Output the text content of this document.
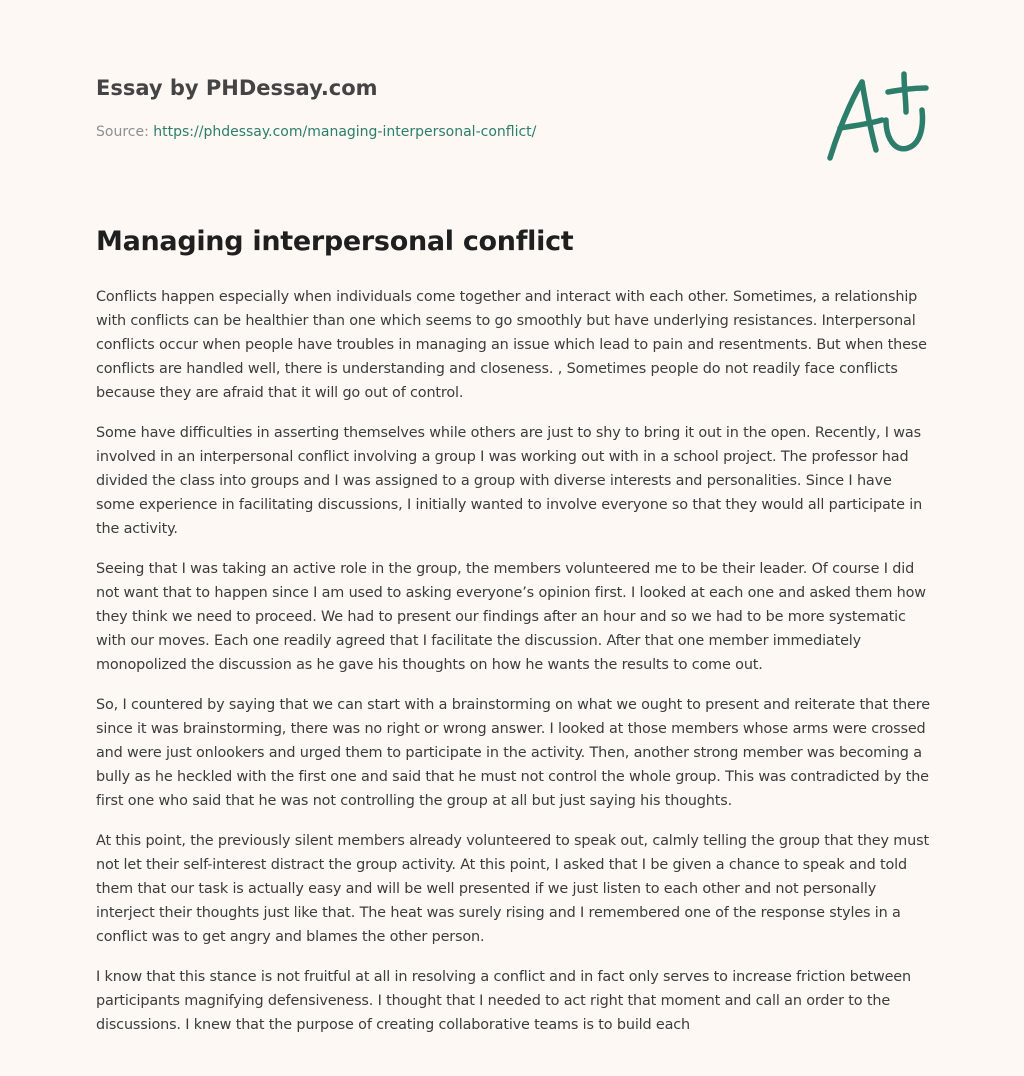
Essay by PHDessay.com
Source: https://phdessay.com/managing-interpersonal-conflict/
Managing interpersonal conflict

Conflicts happen especially when individuals come together and interact with each other. Sometimes, a relationship with conflicts can be healthier than one which seems to go smoothly but have underlying resistances. Interpersonal conflicts occur when people have troubles in managing an issue which lead to pain and resentments. But when these conflicts are handled well, there is understanding and closeness. , Sometimes people do not readily face conflicts because they are afraid that it will go out of control.

Some have difficulties in asserting themselves while others are just to shy to bring it out in the open. Recently, I was involved in an interpersonal conflict involving a group I was working out with in a school project. The professor had divided the class into groups and I was assigned to a group with diverse interests and personalities. Since I have some experience in facilitating discussions, I initially wanted to involve everyone so that they would all participate in the activity.

Seeing that I was taking an active role in the group, the members volunteered me to be their leader. Of course I did not want that to happen since I am used to asking everyone’s opinion first. I looked at each one and asked them how they think we need to proceed. We had to present our findings after an hour and so we had to be more systematic with our moves. Each one readily agreed that I facilitate the discussion. After that one member immediately monopolized the discussion as he gave his thoughts on how he wants the results to come out.

So, I countered by saying that we can start with a brainstorming on what we ought to present and reiterate that there since it was brainstorming, there was no right or wrong answer. I looked at those members whose arms were crossed and were just onlookers and urged them to participate in the activity. Then, another strong member was becoming a bully as he heckled with the first one and said that he must not control the whole group. This was contradicted by the first one who said that he was not controlling the group at all but just saying his thoughts.

At this point, the previously silent members already volunteered to speak out, calmly telling the group that they must not let their self-interest distract the group activity. At this point, I asked that I be given a chance to speak and told them that our task is actually easy and will be well presented if we just listen to each other and not personally interject their thoughts just like that. The heat was surely rising and I remembered one of the response styles in a conflict was to get angry and blames the other person.

I know that this stance is not fruitful at all in resolving a conflict and in fact only serves to increase friction between participants magnifying defensiveness. I thought that I needed to act right that moment and call an order to the discussions. I knew that the purpose of creating collaborative teams is to build each
